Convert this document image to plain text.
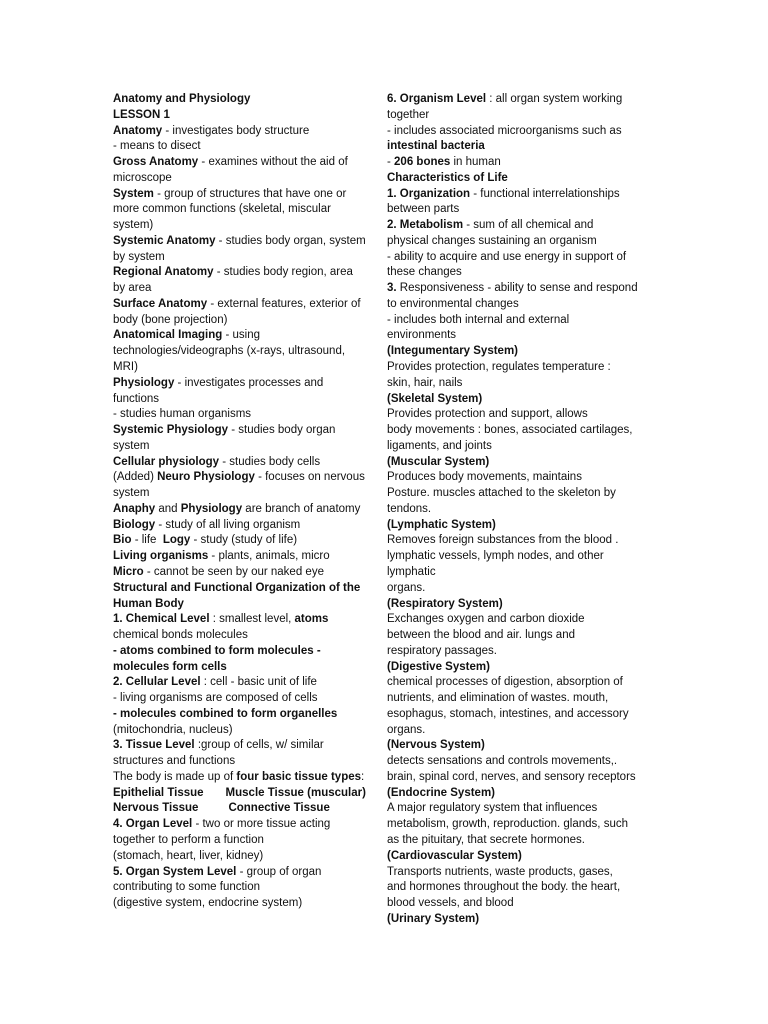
Anatomy and Physiology
LESSON 1
Anatomy - investigates body structure
- means to disect
Gross Anatomy - examines without the aid of
microscope
System - group of structures that have one or
more common functions (skeletal, miscular
system)
Systemic Anatomy - studies body organ, system
by system
Regional Anatomy - studies body region, area
by area
Surface Anatomy - external features, exterior of
body (bone projection)
Anatomical Imaging - using
technologies/videographs (x-rays, ultrasound,
MRI)
Physiology - investigates processes and
functions
- studies human organisms
Systemic Physiology - studies body organ
system
Cellular physiology - studies body cells
(Added) Neuro Physiology - focuses on nervous
system
Anaphy and Physiology are branch of anatomy
Biology - study of all living organism
Bio - life  Logy - study (study of life)
Living organisms - plants, animals, micro
Micro - cannot be seen by our naked eye
Structural and Functional Organization of the
Human Body
1. Chemical Level : smallest level, atoms
chemical bonds molecules
- atoms combined to form molecules -
molecules form cells
2. Cellular Level : cell - basic unit of life
- living organisms are composed of cells
- molecules combined to form organelles
(mitochondria, nucleus)
3. Tissue Level :group of cells, w/ similar
structures and functions
The body is made up of four basic tissue types:
Epithelial Tissue Muscle Tissue (muscular)
Nervous Tissue	Connective Tissue
4. Organ Level - two or more tissue acting
together to perform a function
(stomach, heart, liver, kidney)
5. Organ System Level - group of organ
contributing to some function
(digestive system, endocrine system)
6. Organism Level : all organ system working
together
- includes associated microorganisms such as
intestinal bacteria
- 206 bones in human
Characteristics of Life
1. Organization - functional interrelationships
between parts
2. Metabolism - sum of all chemical and
physical changes sustaining an organism
- ability to acquire and use energy in support of
these changes
3. Responsiveness - ability to sense and respond
to environmental changes
- includes both internal and external
environments
(Integumentary System)
Provides protection, regulates temperature :
skin, hair, nails
(Skeletal System)
Provides protection and support, allows
body movements : bones, associated cartilages,
ligaments, and joints
(Muscular System)
Produces body movements, maintains
Posture. muscles attached to the skeleton by
tendons.
(Lymphatic System)
Removes foreign substances from the blood .
lymphatic vessels, lymph nodes, and other
lymphatic
organs.
(Respiratory System)
Exchanges oxygen and carbon dioxide
between the blood and air. lungs and
respiratory passages.
(Digestive System)
chemical processes of digestion, absorption of
nutrients, and elimination of wastes. mouth,
esophagus, stomach, intestines, and accessory
organs.
(Nervous System)
detects sensations and controls movements,.
brain, spinal cord, nerves, and sensory receptors
(Endocrine System)
A major regulatory system that influences
metabolism, growth, reproduction. glands, such
as the pituitary, that secrete hormones.
(Cardiovascular System)
Transports nutrients, waste products, gases,
and hormones throughout the body. the heart,
blood vessels, and blood
(Urinary System)
